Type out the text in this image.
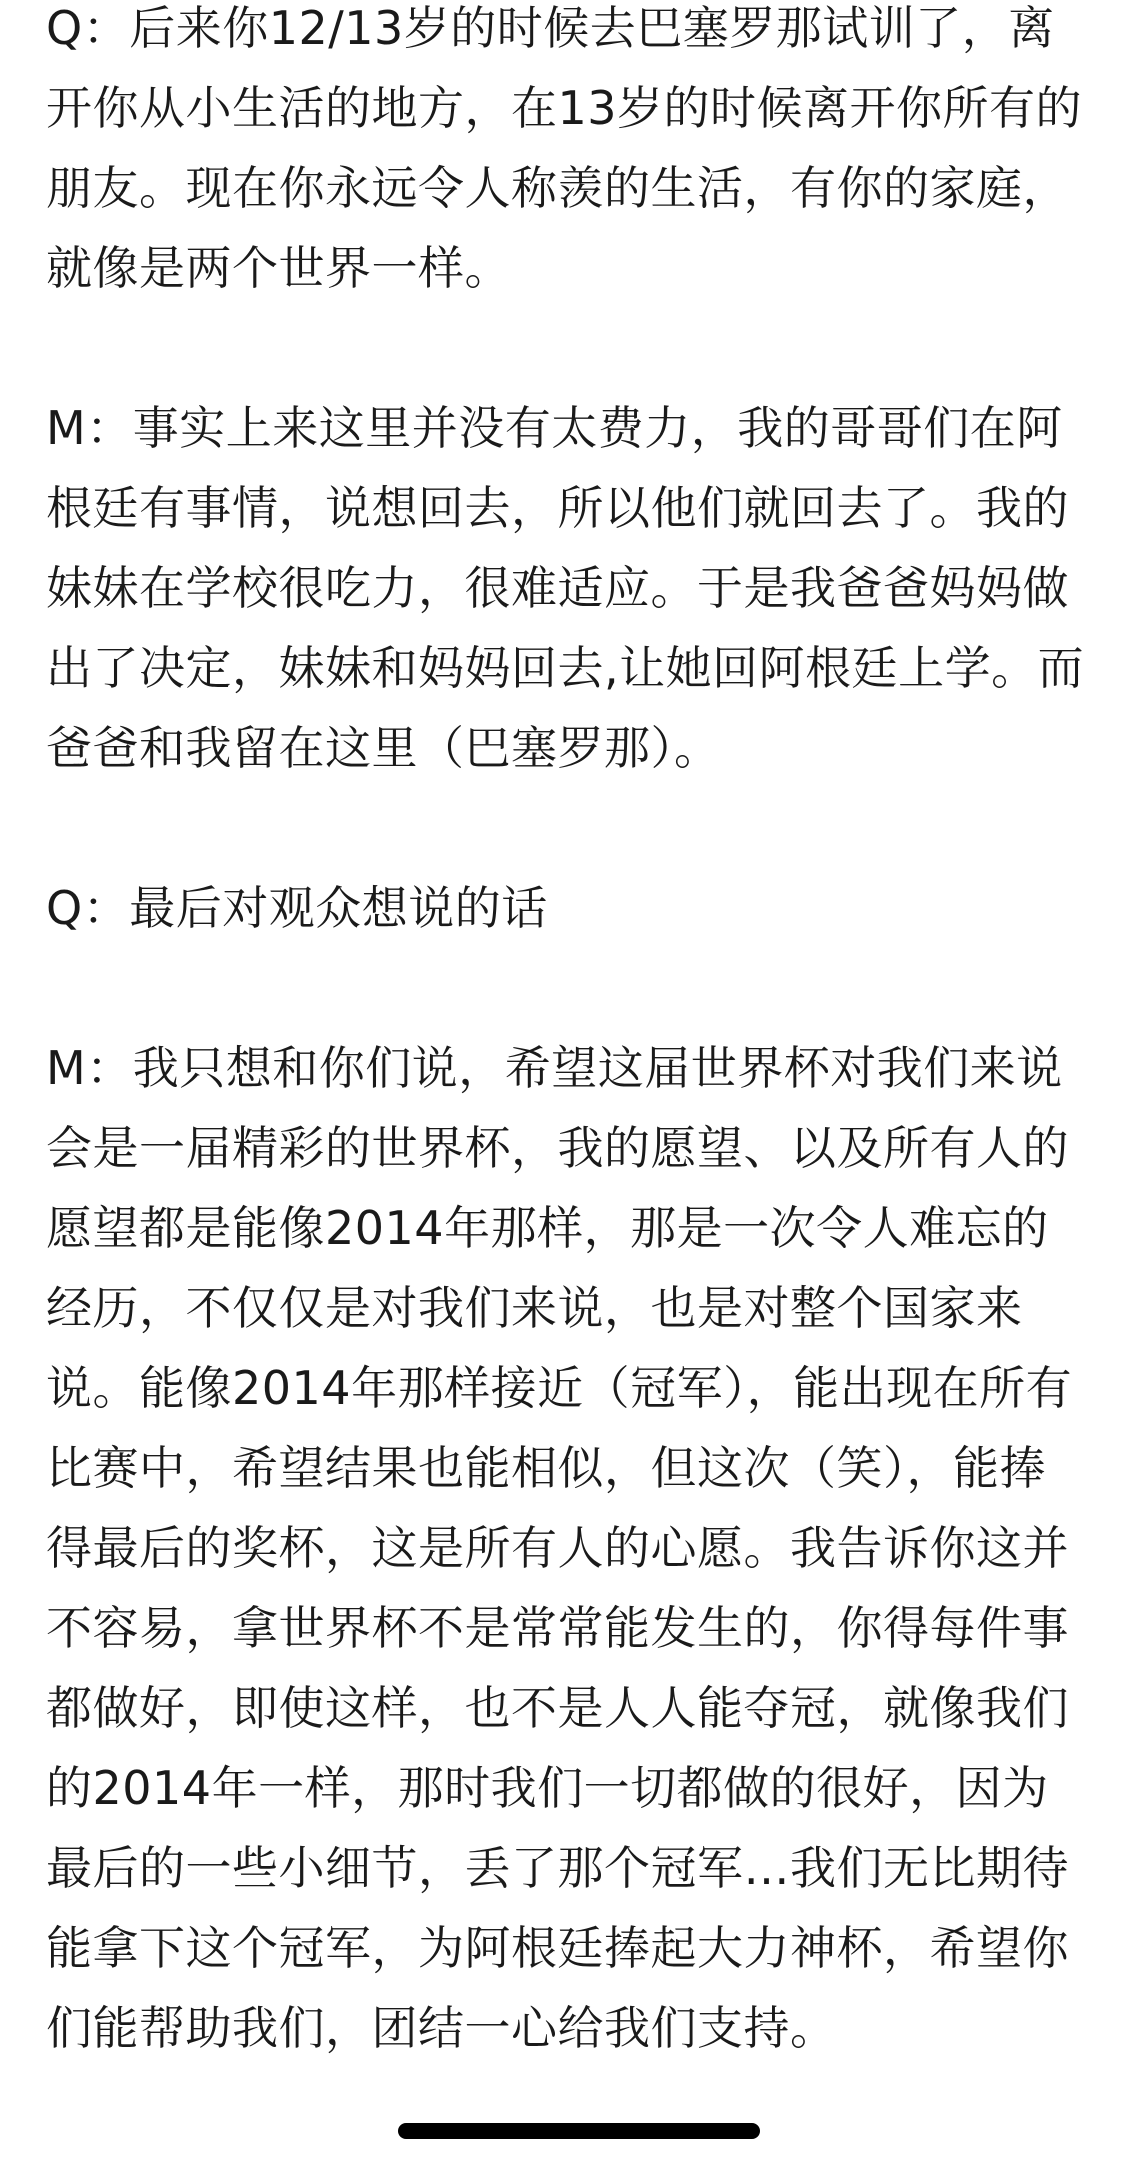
Q：后来你12/13岁的时候去巴塞罗那试训了，离开你从小生活的地方，在13岁的时候离开你所有的朋友。现在你永远令人称羡的生活，有你的家庭，就像是两个世界一样。

M：事实上来这里并没有太费力，我的哥哥们在阿根廷有事情，说想回去，所以他们就回去了。我的妹妹在学校很吃力，很难适应。于是我爸爸妈妈做出了决定，妹妹和妈妈回去,让她回阿根廷上学。而爸爸和我留在这里（巴塞罗那）。

Q：最后对观众想说的话

M：我只想和你们说，希望这届世界杯对我们来说会是一届精彩的世界杯，我的愿望、以及所有人的愿望都是能像2014年那样，那是一次令人难忘的经历，不仅仅是对我们来说，也是对整个国家来说。能像2014年那样接近（冠军），能出现在所有比赛中，希望结果也能相似，但这次（笑），能捧得最后的奖杯，这是所有人的心愿。我告诉你这并不容易，拿世界杯不是常常能发生的，你得每件事都做好，即使这样，也不是人人能夺冠，就像我们的2014年一样，那时我们一切都做的很好，因为最后的一些小细节，丢了那个冠军…我们无比期待能拿下这个冠军，为阿根廷捧起大力神杯，希望你们能帮助我们，团结一心给我们支持。
